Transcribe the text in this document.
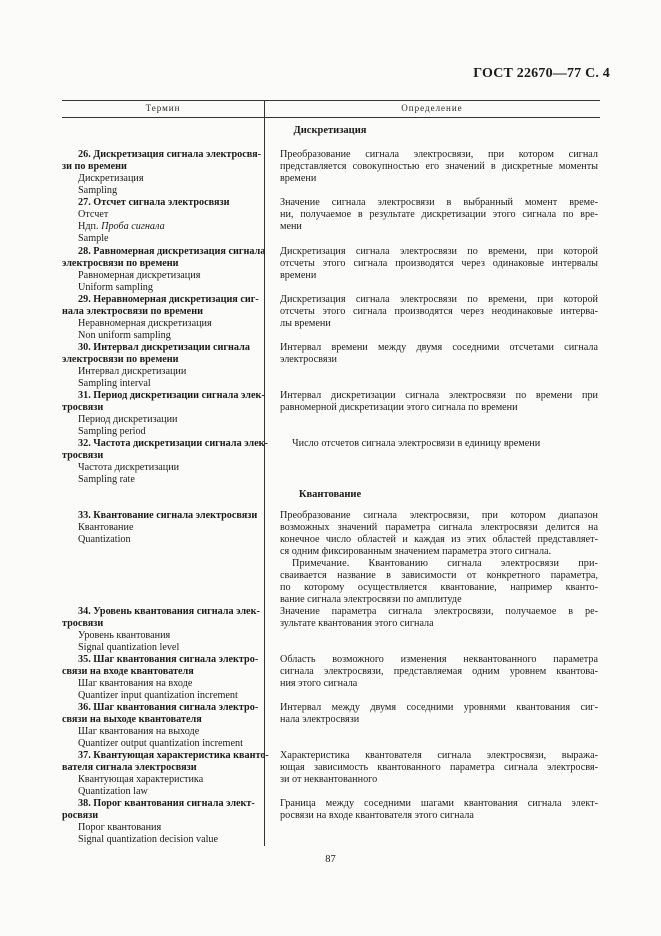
ГОСТ 22670—77 С. 4
Термин	Определение
Дискретизация
Квантование
26. Дискретизация сигнала электросвя-
зи по времени
Дискретизация
Sampling
Преобразование сигнала электросвязи, при котором сигнал
представляется совокупностью его значений в дискретные моменты
времени
27. Отсчет сигнала электросвязи
Отсчет
Ндп. Проба сигнала
Sample
Значение сигнала электросвязи в выбранный момент време-
ни, получаемое в результате дискретизации этого сигнала по вре-
мени
28. Равномерная дискретизация сигнала
электросвязи по времени
Равномерная дискретизация
Uniform sampling
Дискретизация сигнала электросвязи по времени, при которой
отсчеты этого сигнала производятся через одинаковые интервалы
времени
29. Неравномерная дискретизация сиг-
нала электросвязи по времени
Неравномерная дискретизация
Non uniform sampling
Дискретизация сигнала электросвязи по времени, при которой
отсчеты этого сигнала производятся через неодинаковые интерва-
лы времени
30. Интервал дискретизации сигнала
электросвязи по времени
Интервал дискретизации
Sampling interval
Интервал времени между двумя соседними отсчетами сигнала
электросвязи
31. Период дискретизации сигнала элек-
тросвязи
Период дискретизации
Sampling period
Интервал дискретизации сигнала электросвязи по времени при
равномерной дискретизации этого сигнала по времени
32. Частота дискретизации сигнала элек-
тросвязи
Частота дискретизации
Sampling rate
Число отсчетов сигнала электросвязи в единицу времени
33. Квантование сигнала электросвязи
Квантование
Quantization
Преобразование сигнала электросвязи, при котором диапазон
возможных значений параметра сигнала электросвязи делится на
конечное число областей и каждая из этих областей представляет-
ся одним фиксированным значением параметра этого сигнала.
Примечание. Квантованию сигнала электросвязи при-
сваивается название в зависимости от конкретного параметра,
по которому осуществляется квантование, например кванто-
вание сигнала электросвязи по амплитуде
34. Уровень квантования сигнала элек-
тросвязи
Уровень квантования
Signal quantization level
Значение параметра сигнала электросвязи, получаемое в ре-
зультате квантования этого сигнала
35. Шаг квантования сигнала электро-
связи на входе квантователя
Шаг квантования на входе
Quantizer input quantization increment
Область возможного изменения неквантованного параметра
сигнала электросвязи, представляемая одним уровнем квантова-
ния этого сигнала
36. Шаг квантования сигнала электро-
связи на выходе квантователя
Шаг квантования на выходе
Quantizer output quantization increment
Интервал между двумя соседними уровнями квантования сиг-
нала электросвязи
37. Квантующая характеристика кванто-
вателя сигнала электросвязи
Квантующая характеристика
Quantization law
Характеристика квантователя сигнала электросвязи, выража-
ющая зависимость квантованного параметра сигнала электросвя-
зи от неквантованного
38. Порог квантования сигнала элект-
росвязи
Порог квантования
Signal quantization decision value
Граница между соседними шагами квантования сигнала элект-
росвязи на входе квантователя этого сигнала
87
